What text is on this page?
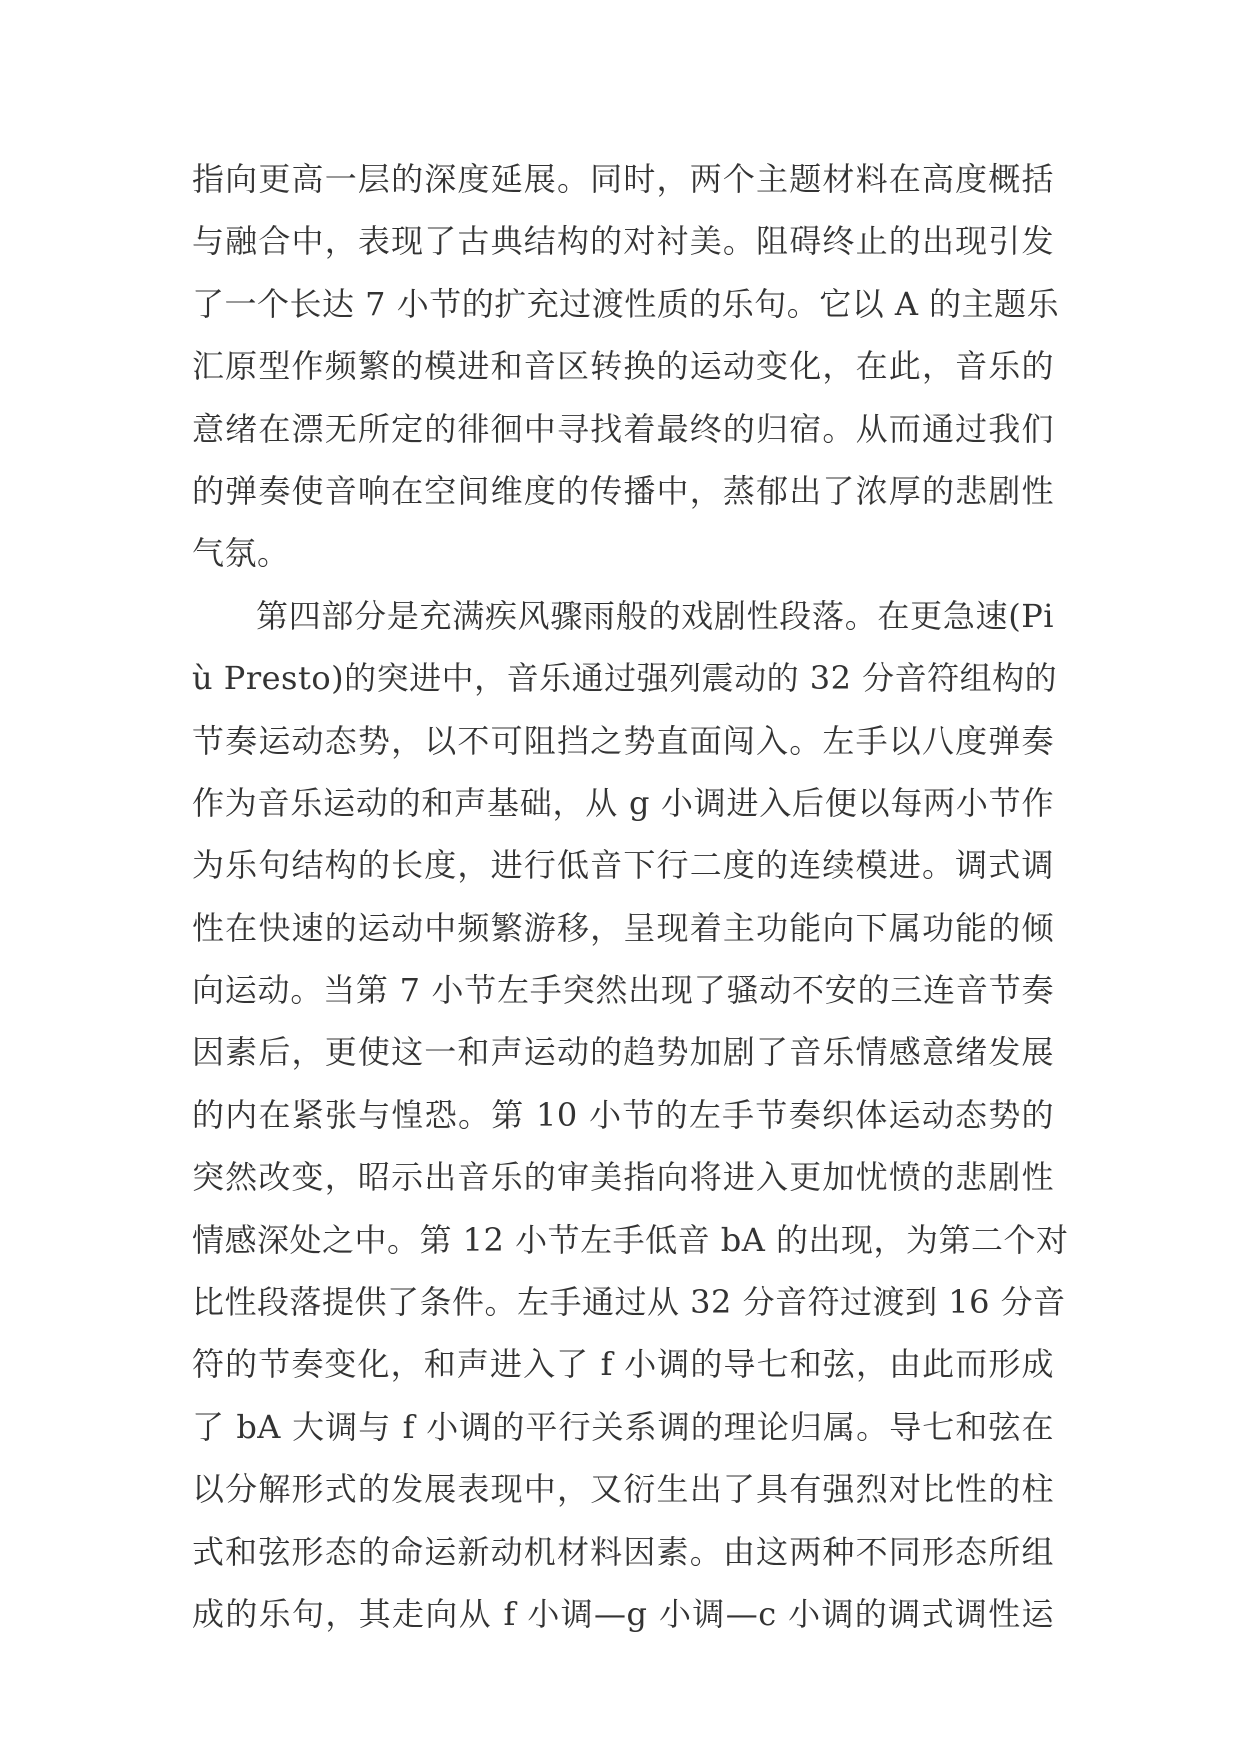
指向更高一层的深度延展。同时，两个主题材料在高度概括
与融合中，表现了古典结构的对衬美。阻碍终止的出现引发
了一个长达 7 小节的扩充过渡性质的乐句。它以 A 的主题乐
汇原型作频繁的模进和音区转换的运动变化，在此，音乐的
意绪在漂无所定的徘徊中寻找着最终的归宿。从而通过我们
的弹奏使音响在空间维度的传播中，蒸郁出了浓厚的悲剧性
气氛。
第四部分是充满疾风骤雨般的戏剧性段落。在更急速(Pi
ù Presto)的突进中，音乐通过强列震动的 32 分音符组构的
节奏运动态势，以不可阻挡之势直面闯入。左手以八度弹奏
作为音乐运动的和声基础，从 g 小调进入后便以每两小节作
为乐句结构的长度，进行低音下行二度的连续模进。调式调
性在快速的运动中频繁游移，呈现着主功能向下属功能的倾
向运动。当第 7 小节左手突然出现了骚动不安的三连音节奏
因素后，更使这一和声运动的趋势加剧了音乐情感意绪发展
的内在紧张与惶恐。第 10 小节的左手节奏织体运动态势的
突然改变，昭示出音乐的审美指向将进入更加忧愤的悲剧性
情感深处之中。第 12 小节左手低音 bA 的出现，为第二个对
比性段落提供了条件。左手通过从 32 分音符过渡到 16 分音
符的节奏变化，和声进入了 f 小调的导七和弦，由此而形成
了 bA 大调与 f 小调的平行关系调的理论归属。导七和弦在
以分解形式的发展表现中，又衍生出了具有强烈对比性的柱
式和弦形态的命运新动机材料因素。由这两种不同形态所组
成的乐句，其走向从 f 小调—g 小调—c 小调的调式调性运
